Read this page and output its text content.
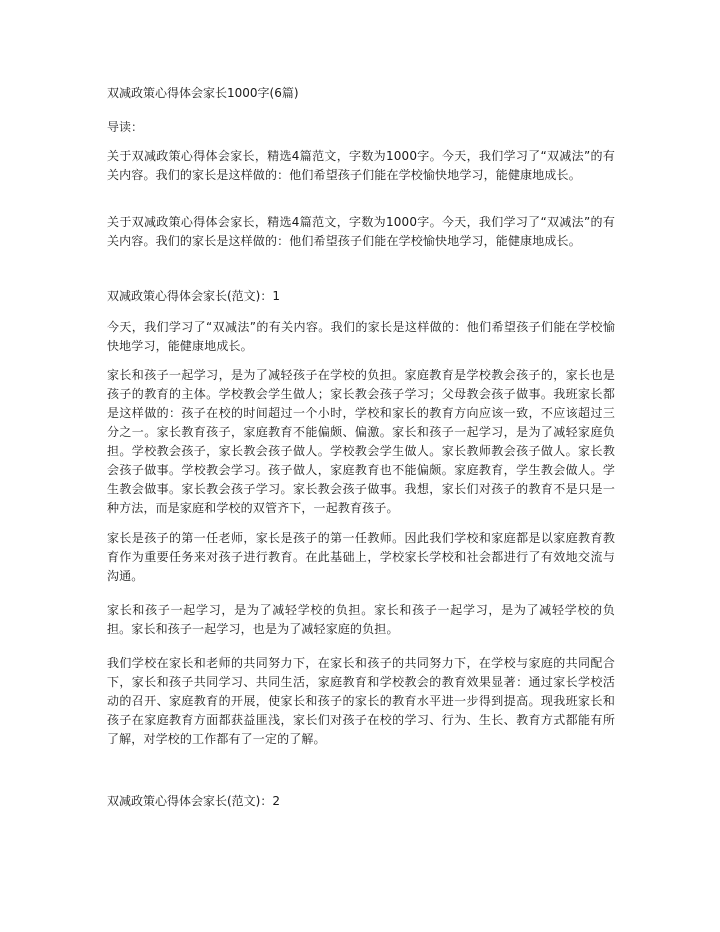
双减政策心得体会家长1000字(6篇)
导读：
关于双减政策心得体会家长，精选4篇范文，字数为1000字。今天，我们学习了“双减法”的有关内容。我们的家长是这样做的：他们希望孩子们能在学校愉快地学习，能健康地成长。
关于双减政策心得体会家长，精选4篇范文，字数为1000字。今天，我们学习了“双减法”的有关内容。我们的家长是这样做的：他们希望孩子们能在学校愉快地学习，能健康地成长。
双减政策心得体会家长(范文)：1
今天，我们学习了“双减法”的有关内容。我们的家长是这样做的：他们希望孩子们能在学校愉快地学习，能健康地成长。
家长和孩子一起学习，是为了减轻孩子在学校的负担。家庭教育是学校教会孩子的，家长也是孩子的教育的主体。学校教会学生做人；家长教会孩子学习；父母教会孩子做事。我班家长都是这样做的：孩子在校的时间超过一个小时，学校和家长的教育方向应该一致，不应该超过三分之一。家长教育孩子，家庭教育不能偏颇、偏激。家长和孩子一起学习，是为了减轻家庭负担。学校教会孩子，家长教会孩子做人。学校教会学生做人。家长教师教会孩子做人。家长教会孩子做事。学校教会学习。孩子做人，家庭教育也不能偏颇。家庭教育，学生教会做人。学生教会做事。家长教会孩子学习。家长教会孩子做事。我想，家长们对孩子的教育不是只是一种方法，而是家庭和学校的双管齐下，一起教育孩子。
家长是孩子的第一任老师，家长是孩子的第一任教师。因此我们学校和家庭都是以家庭教育教育作为重要任务来对孩子进行教育。在此基础上，学校家长学校和社会都进行了有效地交流与沟通。
家长和孩子一起学习，是为了减轻学校的负担。家长和孩子一起学习，是为了减轻学校的负担。家长和孩子一起学习，也是为了减轻家庭的负担。
我们学校在家长和老师的共同努力下，在家长和孩子的共同努力下，在学校与家庭的共同配合下，家长和孩子共同学习、共同生活，家庭教育和学校教会的教育效果显著：通过家长学校活动的召开、家庭教育的开展，使家长和孩子的家长的教育水平进一步得到提高。现我班家长和孩子在家庭教育方面都获益匪浅，家长们对孩子在校的学习、行为、生长、教育方式都能有所了解，对学校的工作都有了一定的了解。
双减政策心得体会家长(范文)：2
